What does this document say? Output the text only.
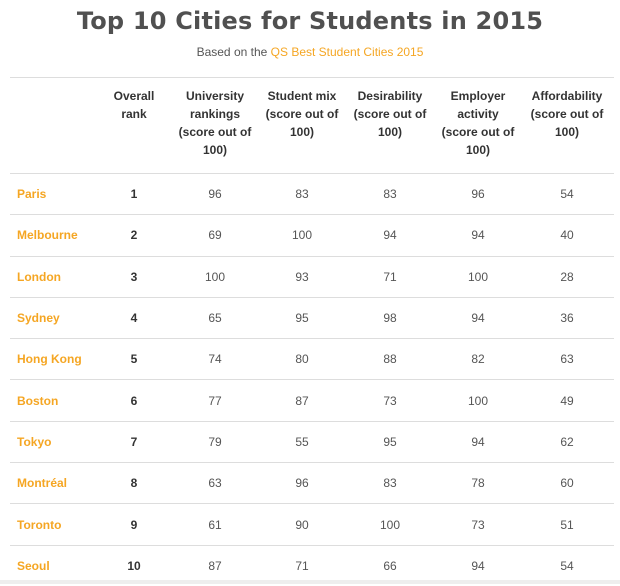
Top 10 Cities for Students in 2015
Based on the QS Best Student Cities 2015
	Overall rank	University rankings (score out of 100)	Student mix (score out of 100)	Desirability (score out of 100)	Employer activity (score out of 100)	Affordability (score out of 100)
Paris	1	96	83	83	96	54
Melbourne	2	69	100	94	94	40
London	3	100	93	71	100	28
Sydney	4	65	95	98	94	36
Hong Kong	5	74	80	88	82	63
Boston	6	77	87	73	100	49
Tokyo	7	79	55	95	94	62
Montréal	8	63	96	83	78	60
Toronto	9	61	90	100	73	51
Seoul	10	87	71	66	94	54
